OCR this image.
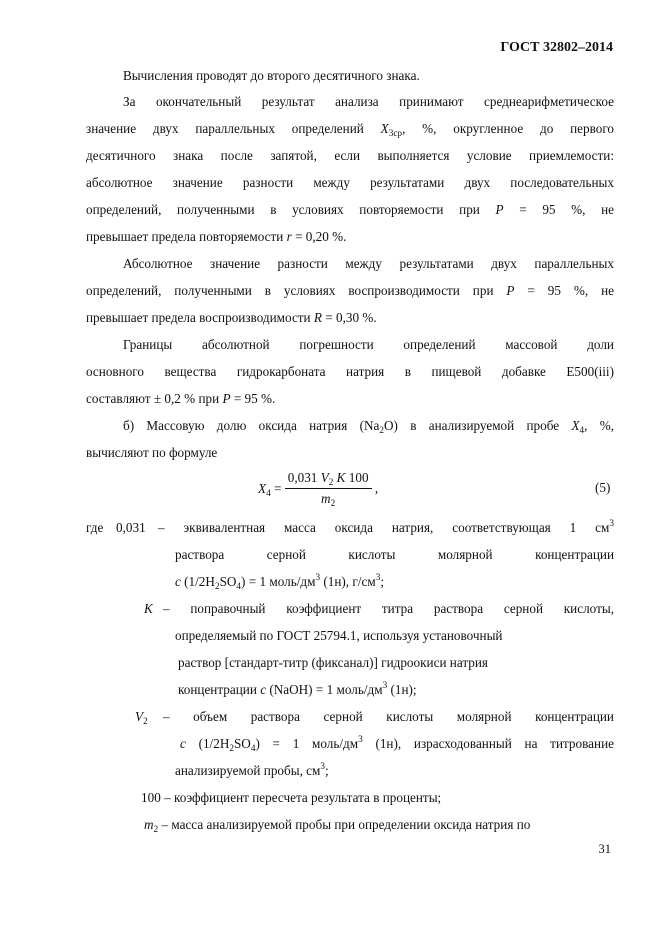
ГОСТ 32802–2014
Вычисления проводят до второго десятичного знака.
За окончательный результат анализа принимают среднеарифметическое
значение двух параллельных определений $X_{3ср}$, %, округленное до первого
десятичного знака после запятой, если выполняется условие приемлемости:
абсолютное значение разности между результатами двух последовательных
определений, полученными в условиях повторяемости при P = 95 %, не
превышает предела повторяемости r = 0,20 %.
Абсолютное значение разности между результатами двух параллельных
определений, полученными в условиях воспроизводимости при P = 95 %, не
превышает предела воспроизводимости R = 0,30 %.
Границы абсолютной погрешности определений массовой доли
основного вещества гидрокарбоната натрия в пищевой добавке Е500(iii)
составляют ± 0,2 % при P = 95 %.
б) Массовую долю оксида натрия $(Na_2O)$ в анализируемой пробе $X_4$, %,
вычисляют по формуле
$X_4 = \frac{0,031 V_2 K 100}{m_2}$ ,	(5)
где 0,031 – эквивалентная масса оксида натрия, соответствующая 1 $см^3$
раствора серной кислоты молярной концентрации
c $(1/2H_2SO_4) = 1$ моль/$дм^3$ (1н), $г/см^3$;
K – поправочный коэффициент титра раствора серной кислоты,
определяемый по ГОСТ 25794.1, используя установочный
раствор [стандарт-титр (фиксанал)] гидроокиси натрия
концентрации c (NaOH) = 1 моль/$дм^3$ (1н);
$V_2$ – объем раствора серной кислоты молярной концентрации
c $(1/2H_2SO_4) = 1$ моль/$дм^3$ (1н), израсходованный на титрование
анализируемой пробы, $см^3$;
100 – коэффициент пересчета результата в проценты;
$m_2$ – масса анализируемой пробы при определении оксида натрия по
31
